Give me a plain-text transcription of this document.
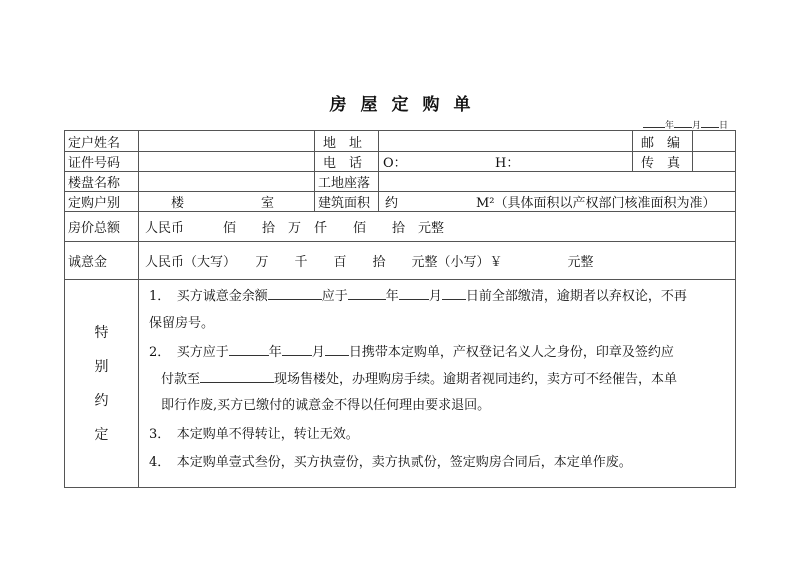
房屋定购单
年 月 日
定户姓名	地　址	邮　编
证件号码	电　话	O：	H：	传　真
楼盘名称	工地座落
定购户别	楼	室	建筑面积	约　　　　　　M²（具体面积以产权部门核准面积为准）
房价总额	人民币　　　佰　　拾　万　仟　　佰　　拾　元整
诚意金	人民币（大写）　　万　　千　　百　　拾　　元整（小写）￥　　　　　元整
特
别
约
定
1．　买方诚意金余额	应于	年 月 日前全部缴清，逾期者以弃权论，不再
保留房号。
2．　买方应于	年 月 日携带本定购单，产权登记名义人之身份，印章及签约应
付款至	现场售楼处，办理购房手续。逾期者视同违约，卖方可不经催告，本单
即行作废,买方已缴付的诚意金不得以任何理由要求退回。
3．　本定购单不得转让，转让无效。
4．　本定购单壹式叁份，买方执壹份，卖方执贰份，签定购房合同后，本定单作废。
